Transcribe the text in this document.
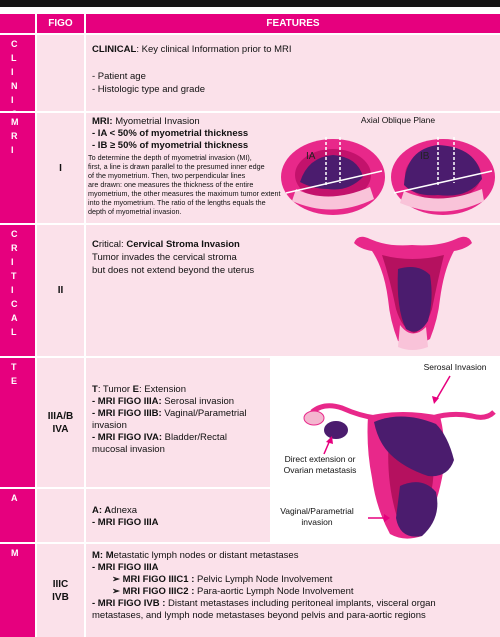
FIGO	FEATURES
C
L
I
N
I
CLINICAL: Key clinical Information prior to MRI
- Patient age
- Histologic type and grade
M
R
I
I
MRI: Myometrial Invasion
- IA < 50% of myometrial thickness
- IB ≥ 50% of myometrial thickness
To determine the depth of myometrial invasion (MI),
first, a line is drawn parallel to the presumed inner edge
of the myometrium. Then, two perpendicular lines
are drawn: one measures the thickness of the entire
myometrium, the other measures the maximum tumor extent
into the myometrium. The ratio of the lengths equals the
depth of myometrial invasion.
Axial Oblique Plane
IA	IB
C
R
I
T
I
C
A
L
II
Critical: Cervical Stroma Invasion
Tumor invades the cervical stroma
but does not extend beyond the uterus
T
E
IIIA/B
IVA
T: Tumor E: Extension
- MRI FIGO IIIA: Serosal invasion
- MRI FIGO IIIB: Vaginal/Parametrial
invasion
- MRI FIGO IVA: Bladder/Rectal
mucosal invasion
A
A: Adnexa
- MRI FIGO IIIA
Serosal Invasion
Direct extension or
Ovarian metastasis
Vaginal/Parametrial
invasion
M
IIIC
IVB
M: Metastatic lymph nodes or distant metastases
- MRI FIGO IIIA
➢ MRI FIGO IIIC1 : Pelvic Lymph Node Involvement
➢ MRI FIGO IIIC2 : Para-aortic Lymph Node Involvement
- MRI FIGO IVB : Distant metastases including peritoneal implants, visceral organ
metastases, and lymph node metastases beyond pelvis and para-aortic regions
